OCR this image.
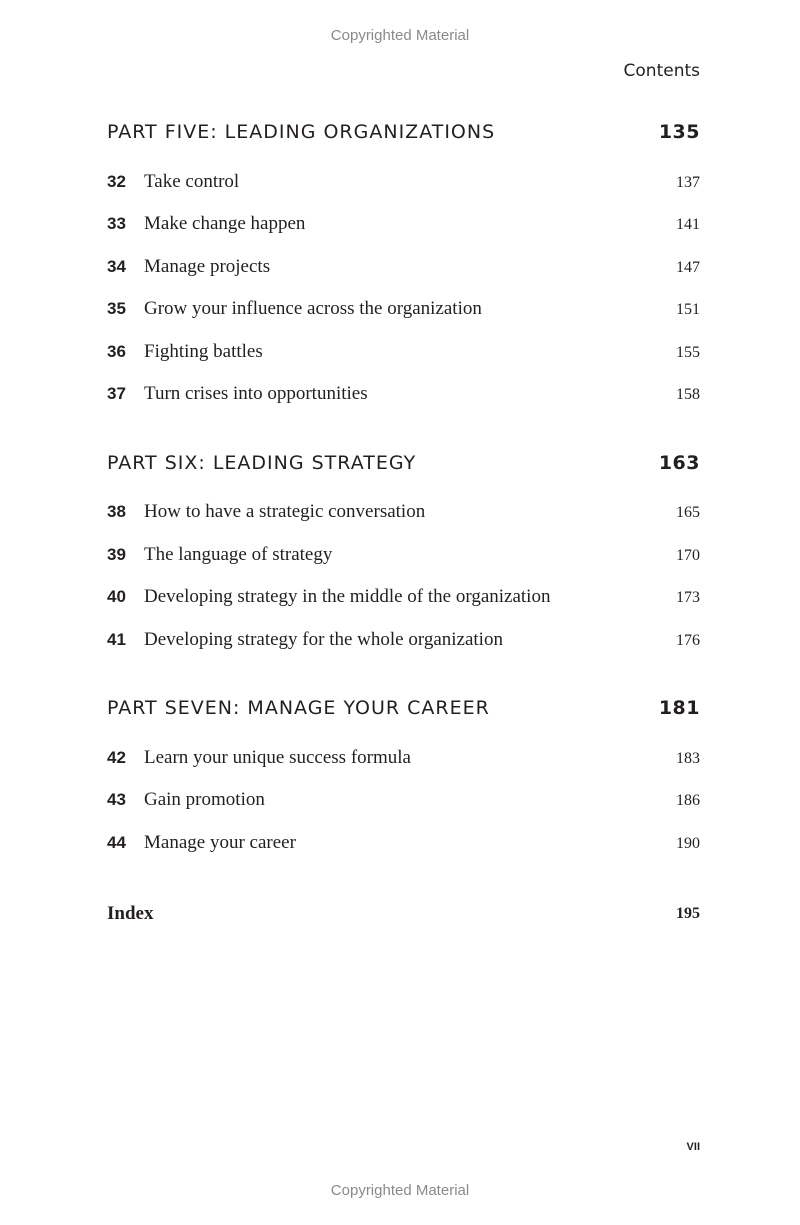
Copyrighted Material
Contents
PART FIVE: LEADING ORGANIZATIONS	135
32 Take control	137
33 Make change happen	141
34 Manage projects	147
35 Grow your influence across the organization	151
36 Fighting battles	155
37 Turn crises into opportunities	158
PART SIX: LEADING STRATEGY	163
38 How to have a strategic conversation	165
39 The language of strategy	170
40 Developing strategy in the middle of the organization	173
41 Developing strategy for the whole organization	176
PART SEVEN: MANAGE YOUR CAREER	181
42 Learn your unique success formula	183
43 Gain promotion	186
44 Manage your career	190
Index	195
VII
Copyrighted Material
